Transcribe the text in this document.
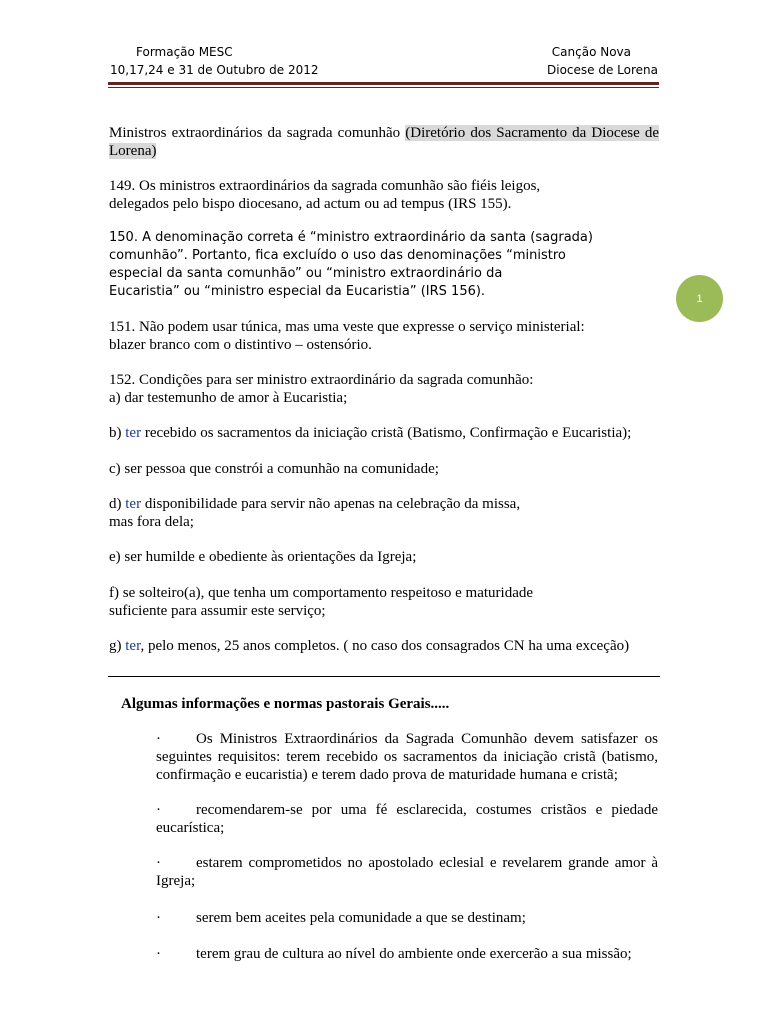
Formação MESC
10,17,24 e 31 de Outubro de 2012
Canção Nova
Diocese de Lorena
1
Ministros extraordinários da sagrada comunhão (Diretório dos Sacramento da Diocese de Lorena)
149. Os ministros extraordinários da sagrada comunhão são fiéis leigos,
delegados pelo bispo diocesano, ad actum ou ad tempus (IRS 155).
150. A denominação correta é “ministro extraordinário da santa (sagrada)
comunhão”. Portanto, fica excluído o uso das denominações “ministro
especial da santa comunhão” ou “ministro extraordinário da
Eucaristia” ou “ministro especial da Eucaristia” (IRS 156).
151. Não podem usar túnica, mas uma veste que expresse o serviço ministerial:
blazer branco com o distintivo – ostensório.
152. Condições para ser ministro extraordinário da sagrada comunhão:
a) dar testemunho de amor à Eucaristia;
b) ter recebido os sacramentos da iniciação cristã (Batismo, Confirmação e Eucaristia);
c) ser pessoa que constrói a comunhão na comunidade;
d) ter disponibilidade para servir não apenas na celebração da missa,
mas fora dela;
e) ser humilde e obediente às orientações da Igreja;
f) se solteiro(a), que tenha um comportamento respeitoso e maturidade
suficiente para assumir este serviço;
g) ter, pelo menos, 25 anos completos. ( no caso dos consagrados CN ha uma exceção)
Algumas informações e normas pastorais Gerais.....
· Os Ministros Extraordinários da Sagrada Comunhão devem satisfazer os seguintes requisitos: terem recebido os sacramentos da iniciação cristã (batismo, confirmação e eucaristia) e terem dado prova de maturidade humana e cristã;
· recomendarem-se por uma fé esclarecida, costumes cristãos e piedade eucarística;
· estarem comprometidos no apostolado eclesial e revelarem grande amor à Igreja;
· serem bem aceites pela comunidade a que se destinam;
· terem grau de cultura ao nível do ambiente onde exercerão a sua missão;
